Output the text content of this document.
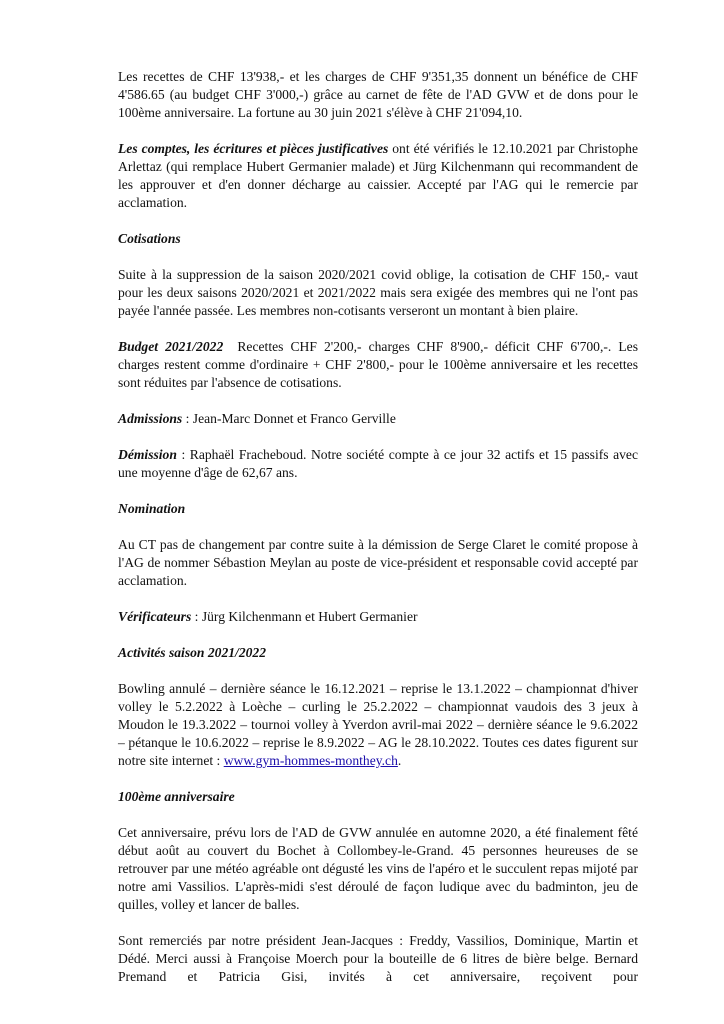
Les recettes de CHF 13'938,- et les charges de CHF 9'351,35 donnent un bénéfice de CHF 4'586.65 (au budget CHF 3'000,-) grâce au carnet de fête de l'AD GVW et de dons pour le 100ème anniversaire. La fortune au 30 juin 2021 s'élève à CHF 21'094,10.

Les comptes, les écritures et pièces justificatives ont été vérifiés le 12.10.2021 par Christophe Arlettaz (qui remplace Hubert Germanier malade) et Jürg Kilchenmann qui recommandent de les approuver et d'en donner décharge au caissier. Accepté par l'AG qui le remercie par acclamation.

Cotisations

Suite à la suppression de la saison 2020/2021 covid oblige, la cotisation de CHF 150,- vaut pour les deux saisons 2020/2021 et 2021/2022 mais sera exigée des membres qui ne l'ont pas payée l'année passée. Les membres non-cotisants verseront un montant à bien plaire.

Budget 2021/2022  Recettes CHF 2'200,- charges CHF 8'900,- déficit CHF 6'700,-. Les charges restent comme d'ordinaire + CHF 2'800,- pour le 100ème anniversaire et les recettes sont réduites par l'absence de cotisations.

Admissions : Jean-Marc Donnet et Franco Gerville

Démission : Raphaël Fracheboud. Notre société compte à ce jour 32 actifs et 15 passifs avec une moyenne d'âge de 62,67 ans.

Nomination

Au CT pas de changement par contre suite à la démission de Serge Claret le comité propose à l'AG de nommer Sébastion Meylan au poste de vice-président et responsable covid accepté par acclamation.

Vérificateurs : Jürg Kilchenmann et Hubert Germanier

Activités saison 2021/2022

Bowling annulé – dernière séance le 16.12.2021 – reprise le 13.1.2022 – championnat d'hiver volley le 5.2.2022 à Loèche – curling le 25.2.2022 – championnat vaudois des 3 jeux à Moudon le 19.3.2022 – tournoi volley à Yverdon avril-mai 2022 – dernière séance le 9.6.2022 – pétanque le 10.6.2022 – reprise le 8.9.2022 – AG le 28.10.2022. Toutes ces dates figurent sur notre site internet : www.gym-hommes-monthey.ch.

100ème anniversaire

Cet anniversaire, prévu lors de l'AD de GVW annulée en automne 2020, a été finalement fêté début août au couvert du Bochet à Collombey-le-Grand. 45 personnes heureuses de se retrouver par une météo agréable ont dégusté les vins de l'apéro et le succulent repas mijoté par notre ami Vassilios. L'après-midi s'est déroulé de façon ludique avec du badminton, jeu de quilles, volley et lancer de balles.

Sont remerciés par notre président Jean-Jacques : Freddy, Vassilios, Dominique, Martin et Dédé. Merci aussi à Françoise Moerch pour la bouteille de 6 litres de bière belge. Bernard Premand et Patricia Gisi, invités à cet anniversaire, reçoivent pour
